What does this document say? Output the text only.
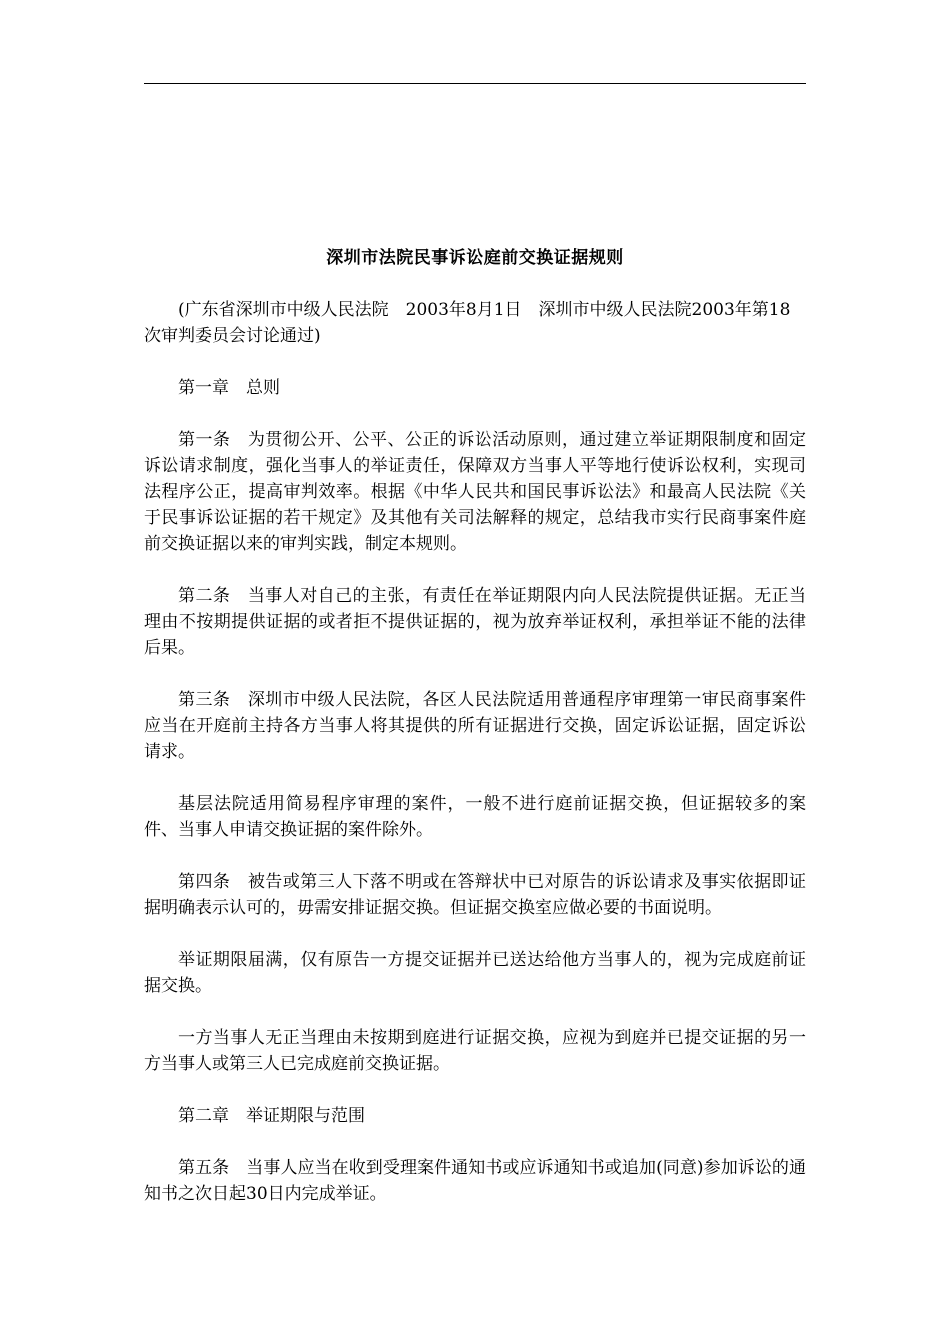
深圳市法院民事诉讼庭前交换证据规则

(广东省深圳市中级人民法院　2003年8月1日　深圳市中级人民法院2003年第18次审判委员会讨论通过)

第一章　总则

第一条　为贯彻公开、公平、公正的诉讼活动原则，通过建立举证期限制度和固定诉讼请求制度，强化当事人的举证责任，保障双方当事人平等地行使诉讼权利，实现司法程序公正，提高审判效率。根据《中华人民共和国民事诉讼法》和最高人民法院《关于民事诉讼证据的若干规定》及其他有关司法解释的规定，总结我市实行民商事案件庭前交换证据以来的审判实践，制定本规则。

第二条　当事人对自己的主张，有责任在举证期限内向人民法院提供证据。无正当理由不按期提供证据的或者拒不提供证据的，视为放弃举证权利，承担举证不能的法律后果。

第三条　深圳市中级人民法院，各区人民法院适用普通程序审理第一审民商事案件应当在开庭前主持各方当事人将其提供的所有证据进行交换，固定诉讼证据，固定诉讼请求。

基层法院适用简易程序审理的案件，一般不进行庭前证据交换，但证据较多的案件、当事人申请交换证据的案件除外。

第四条　被告或第三人下落不明或在答辩状中已对原告的诉讼请求及事实依据即证据明确表示认可的，毋需安排证据交换。但证据交换室应做必要的书面说明。

举证期限届满，仅有原告一方提交证据并已送达给他方当事人的，视为完成庭前证据交换。

一方当事人无正当理由未按期到庭进行证据交换，应视为到庭并已提交证据的另一方当事人或第三人已完成庭前交换证据。

第二章　举证期限与范围

第五条　当事人应当在收到受理案件通知书或应诉通知书或追加(同意)参加诉讼的通知书之次日起30日内完成举证。
